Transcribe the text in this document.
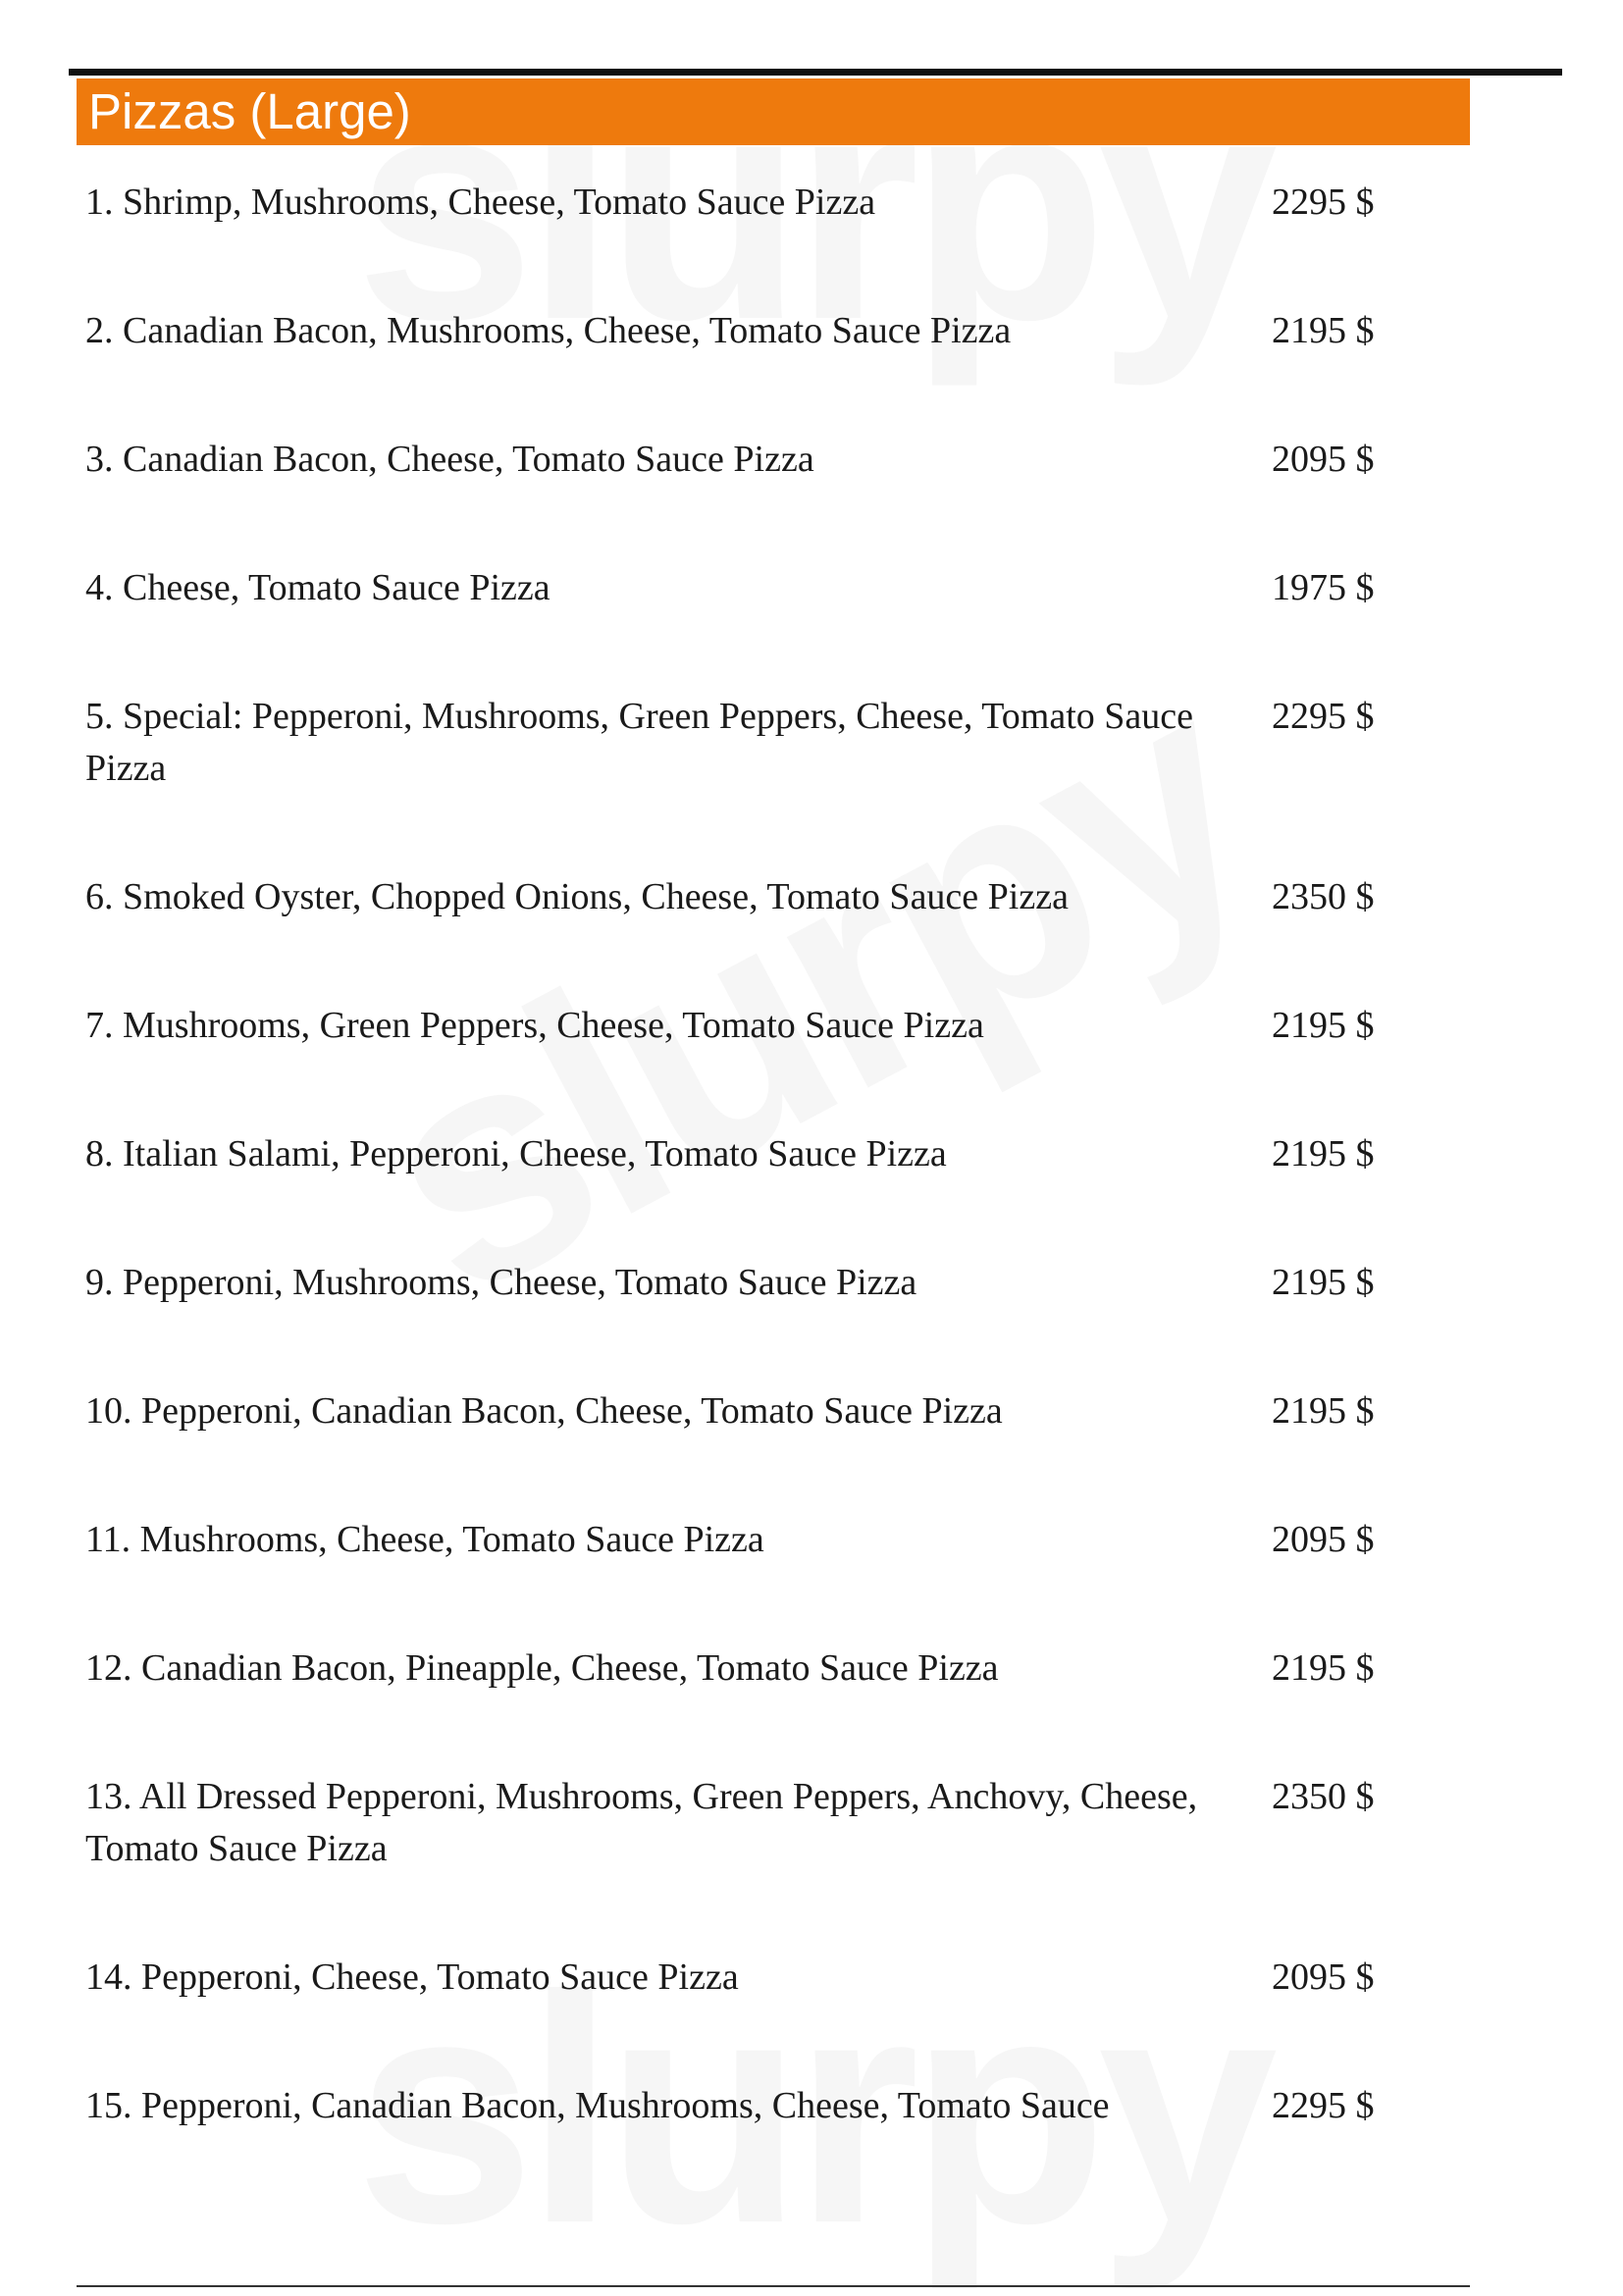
Pizzas (Large)
1. Shrimp, Mushrooms, Cheese, Tomato Sauce Pizza	2295 $
2. Canadian Bacon, Mushrooms, Cheese, Tomato Sauce Pizza	2195 $
3. Canadian Bacon, Cheese, Tomato Sauce Pizza	2095 $
4. Cheese, Tomato Sauce Pizza	1975 $
5. Special: Pepperoni, Mushrooms, Green Peppers, Cheese, Tomato Sauce Pizza
2295 $
6. Smoked Oyster, Chopped Onions, Cheese, Tomato Sauce Pizza	2350 $
7. Mushrooms, Green Peppers, Cheese, Tomato Sauce Pizza	2195 $
8. Italian Salami, Pepperoni, Cheese, Tomato Sauce Pizza	2195 $
9. Pepperoni, Mushrooms, Cheese, Tomato Sauce Pizza	2195 $
10. Pepperoni, Canadian Bacon, Cheese, Tomato Sauce Pizza	2195 $
11. Mushrooms, Cheese, Tomato Sauce Pizza	2095 $
12. Canadian Bacon, Pineapple, Cheese, Tomato Sauce Pizza	2195 $
13. All Dressed Pepperoni, Mushrooms, Green Peppers, Anchovy, Cheese, Tomato Sauce Pizza
2350 $
14. Pepperoni, Cheese, Tomato Sauce Pizza	2095 $
15. Pepperoni, Canadian Bacon, Mushrooms, Cheese, Tomato Sauce	2295 $
